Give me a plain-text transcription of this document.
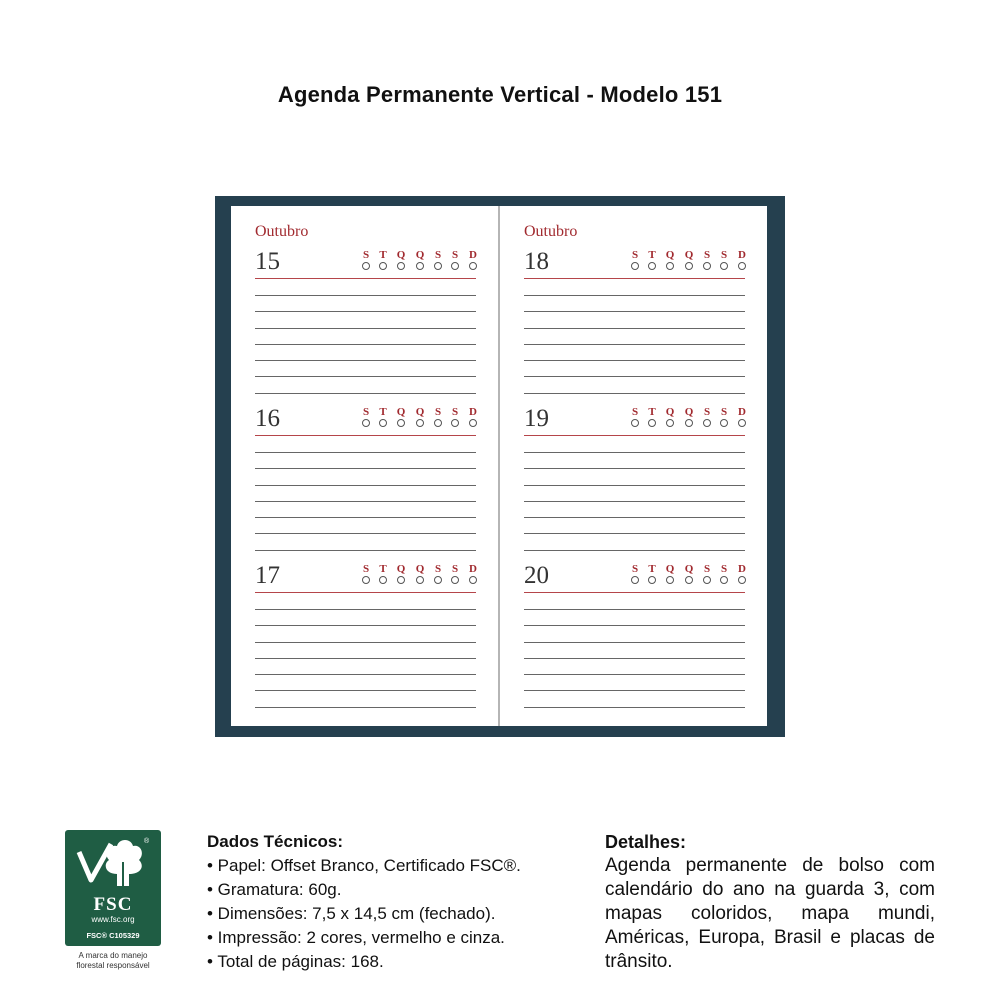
Agenda Permanente Vertical - Modelo 151
Outubro
15	S T Q Q S S D
16	S T Q Q S S D
17	S T Q Q S S D
Outubro
18	S T Q Q S S D
19	S T Q Q S S D
20	S T Q Q S S D
®
FSC
www.fsc.org
FSC® C105329
A marca do manejo
florestal responsável
Dados Técnicos:
• Papel: Offset Branco, Certificado FSC®.
• Gramatura: 60g.
• Dimensões: 7,5 x 14,5 cm (fechado).
• Impressão: 2 cores, vermelho e cinza.
• Total de páginas: 168.
Detalhes:
Agenda permanente de bolso com calendário do ano na guarda 3, com mapas coloridos, mapa mundi, Américas, Europa, Brasil e placas de trânsito.
